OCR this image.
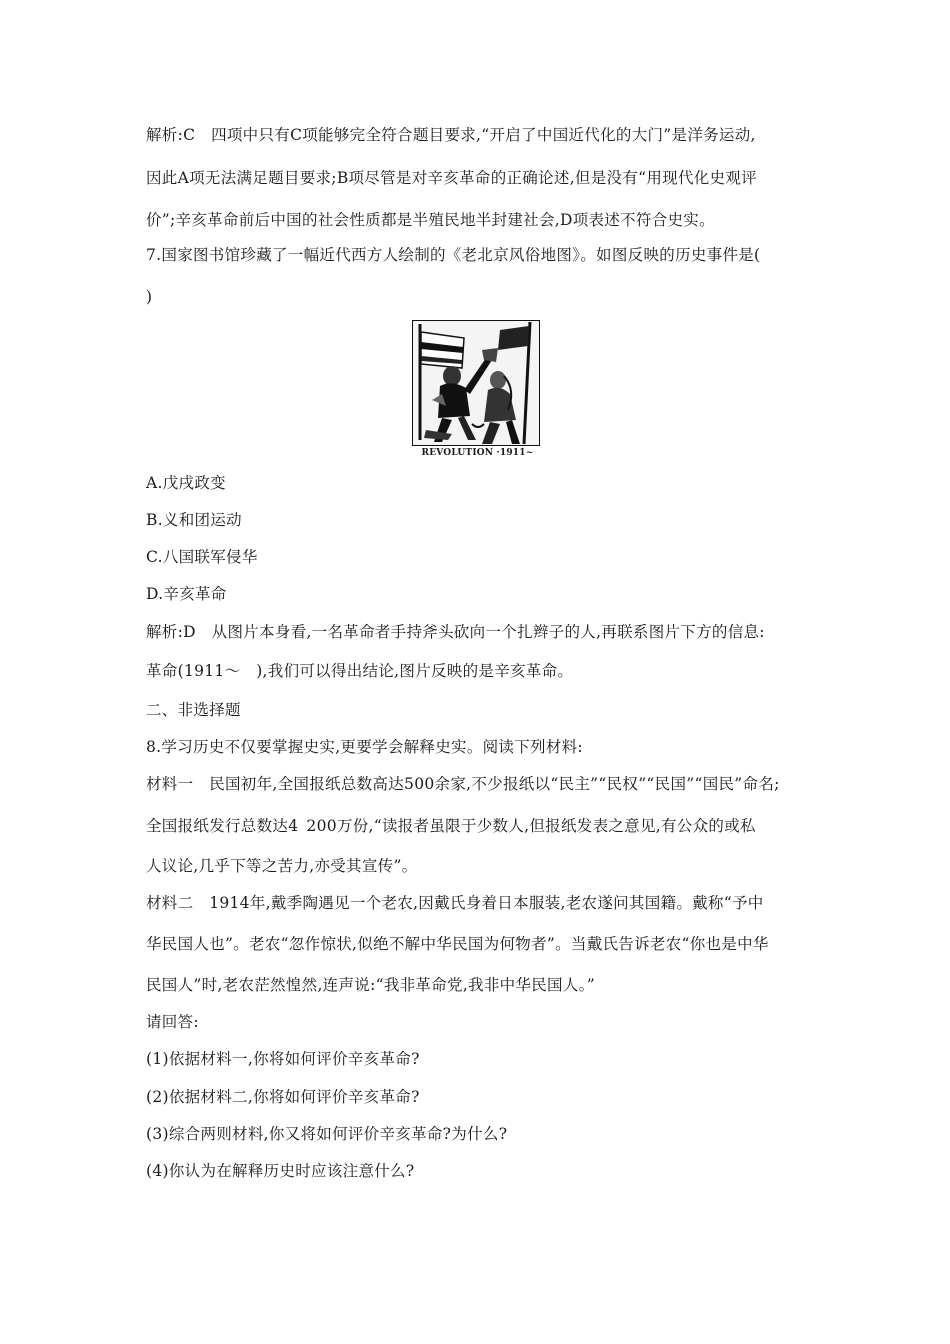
解析:C　四项中只有C项能够完全符合题目要求,“开启了中国近代化的大门”是洋务运动,
因此A项无法满足题目要求;B项尽管是对辛亥革命的正确论述,但是没有“用现代化史观评
价”;辛亥革命前后中国的社会性质都是半殖民地半封建社会,D项表述不符合史实。
7.国家图书馆珍藏了一幅近代西方人绘制的《老北京风俗地图》。如图反映的历史事件是(
)
REVOLUTION ·1911~
A.戊戌政变
B.义和团运动
C.八国联军侵华
D.辛亥革命
解析:D　从图片本身看,一名革命者手持斧头砍向一个扎辫子的人,再联系图片下方的信息:
革命(1911～　),我们可以得出结论,图片反映的是辛亥革命。
二、非选择题
8.学习历史不仅要掌握史实,更要学会解释史实。阅读下列材料:
材料一　民国初年,全国报纸总数高达500余家,不少报纸以“民主”“民权”“民国”“国民”命名;
全国报纸发行总数达4 200万份,“读报者虽限于少数人,但报纸发表之意见,有公众的或私
人议论,几乎下等之苦力,亦受其宣传”。
材料二　1914年,戴季陶遇见一个老农,因戴氏身着日本服装,老农遂问其国籍。戴称“予中
华民国人也”。老农“忽作惊状,似绝不解中华民国为何物者”。当戴氏告诉老农“你也是中华
民国人”时,老农茫然惶然,连声说:“我非革命党,我非中华民国人。”
请回答:
(1)依据材料一,你将如何评价辛亥革命?
(2)依据材料二,你将如何评价辛亥革命?
(3)综合两则材料,你又将如何评价辛亥革命?为什么?
(4)你认为在解释历史时应该注意什么?
